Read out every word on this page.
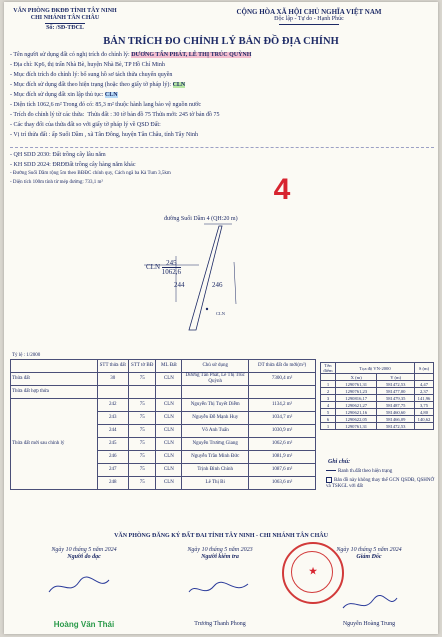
VĂN PHÒNG ĐKĐĐ TỈNH TÂY NINH
CHI NHÁNH TÂN CHÂU
Số: /SĐ-TĐCL
CỘNG HÒA XÃ HỘI CHỦ NGHĨA VIỆT NAM
Độc lập - Tự do - Hạnh Phúc
BẢN TRÍCH ĐO CHỈNH LÝ BẢN ĐỒ ĐỊA CHÍNH
- Tên người sử dụng đất có nghị trích đo chỉnh lý: DƯƠNG TẤN PHÁT, LÊ THỊ TRÚC QUỲNH
- Địa chỉ: Kp6, thị trấn Nhà Bè, huyện Nhà Bè, TP Hồ Chí Minh
- Mục đích trích đo chỉnh lý: bổ sung hồ sơ tách thửa chuyển quyền
- Mục đích sử dụng đất theo hiện trạng (hoặc theo giấy tờ pháp lý): CLN
- Mục đích sử dụng đất xin lập thủ tục: CLN
- Diện tích 1062,6 m² Trong đó có: 85,3 m² thuộc hành lang bảo vệ nguồn nước
- Trích đo chỉnh lý từ các thửa: Thửa đất : 30 tờ bản đồ 75 Thửa mới: 245 tờ bản đồ 75
- Các thay đổi của thửa đất so với giấy tờ pháp lý về QSD Đất:
- Vị trí thửa đất : ấp Suối Dầm , xã Tân Đông, huyện Tân Châu, tỉnh Tây Ninh
- QH SDD 2030: Đất trồng cây lâu năm
- KH SDD 2024: ĐRĐĐất trồng cây hàng năm khác
- Đường Suối Dầm rộng 5m theo BĐĐC chính quy, Cách ngã ba Kà Tum 3,5km
- Diện tích 100m tính từ mép đường: 733,1 m²	4
CLN
đường Suối Dầm 4 (QH:20 m)
CLN $\frac{245}{1062,6}$
244	246
Tỷ lệ : 1/2000
	STT thửa đất	STT tờ BĐ	ML Đất	Chủ sử dụng	DT thửa đất đo mới(m²)
Thửa đất	30	75	CLN	Dương Tấn Phát, Lê Thị Trúc Quỳnh	7300,4 m²
Thửa đất hợp thửa					
Thửa đất mới sau chỉnh lý	242	75	CLN	Nguyễn Thị Tuyết Diễm	1134,2 m²
	243	75	CLN	Nguyễn Đỗ Mạnh Huy	1034,7 m²
	244	75	CLN	Võ Anh Tuấn	1030,9 m²
	245	75	CLN	Nguyễn Trường Giang	1062,6 m²
	246	75	CLN	Nguyễn Trần Minh Đức	1081,9 m²
	247	75	CLN	Trịnh Đình Chính	1087,6 m²
	248	75	CLN	Lê Thị Bi	1063,6 m²
Tên điểm	Tọa độ VN-2000		S (m)
	X (m)	Y (m)	
1	1290761,31	581472,53	4,47
2	1290761,23	581477,00	2,37
3	1290816,17	581479,35	141,96
4	1290621,27	581487,75	3,75
5	1290621,16	581460,60	4,80
6	1290622,05	581466,09	140,62
1	1290761,31	581472,53	
Ghi chú:
Ranh th.đất theo hiện trạng
Bản đồ này không thay thế GCN QSDĐ, QSHNỞ và TSKGL với đất
VĂN PHÒNG ĐĂNG KÝ ĐẤT ĐAI TỈNH TÂY NINH - CHI NHÁNH TÂN CHÂU
Ngày 10 tháng 5 năm 2024
Người đo đạc
Ngày 10 tháng 5 năm 2023
Người kiểm tra
Ngày 10 tháng 5 năm 2024
Giám Đốc
★
Hoàng Văn Thái	Trương Thanh Phong	Nguyễn Hoàng Trung
